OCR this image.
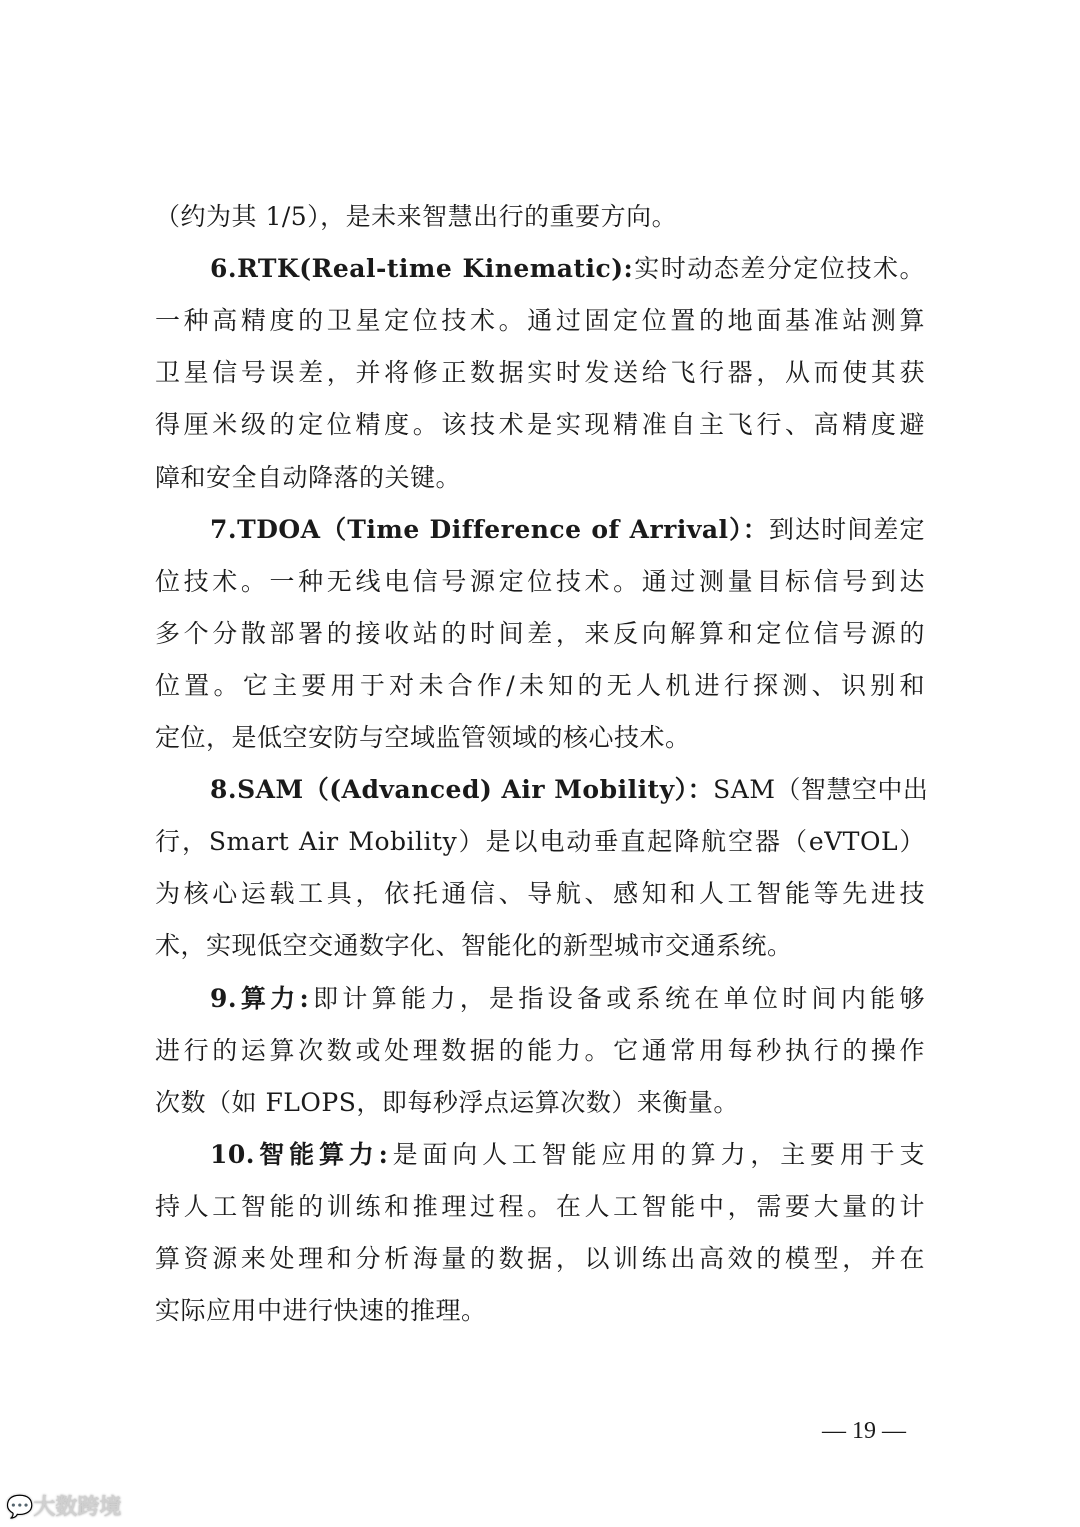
（约为其 1/5），是未来智慧出行的重要方向。
6.RTK(Real-time Kinematic):实时动态差分定位技术。
一种高精度的卫星定位技术。通过固定位置的地面基准站测算
卫星信号误差，并将修正数据实时发送给飞行器，从而使其获
得厘米级的定位精度。该技术是实现精准自主飞行、高精度避
障和安全自动降落的关键。
7.TDOA（Time Difference of Arrival）：到达时间差定
位技术。一种无线电信号源定位技术。通过测量目标信号到达
多个分散部署的接收站的时间差，来反向解算和定位信号源的
位置。它主要用于对未合作/未知的无人机进行探测、识别和
定位，是低空安防与空域监管领域的核心技术。
8.SAM（(Advanced) Air Mobility）：SAM（智慧空中出
行，Smart Air Mobility）是以电动垂直起降航空器（eVTOL）
为核心运载工具，依托通信、导航、感知和人工智能等先进技
术，实现低空交通数字化、智能化的新型城市交通系统。
9.算力:即计算能力，是指设备或系统在单位时间内能够
进行的运算次数或处理数据的能力。它通常用每秒执行的操作
次数（如 FLOPS，即每秒浮点运算次数）来衡量。
10.智能算力:是面向人工智能应用的算力，主要用于支
持人工智能的训练和推理过程。在人工智能中，需要大量的计
算资源来处理和分析海量的数据，以训练出高效的模型，并在
实际应用中进行快速的推理。
— 19 —
💬大数跨境
